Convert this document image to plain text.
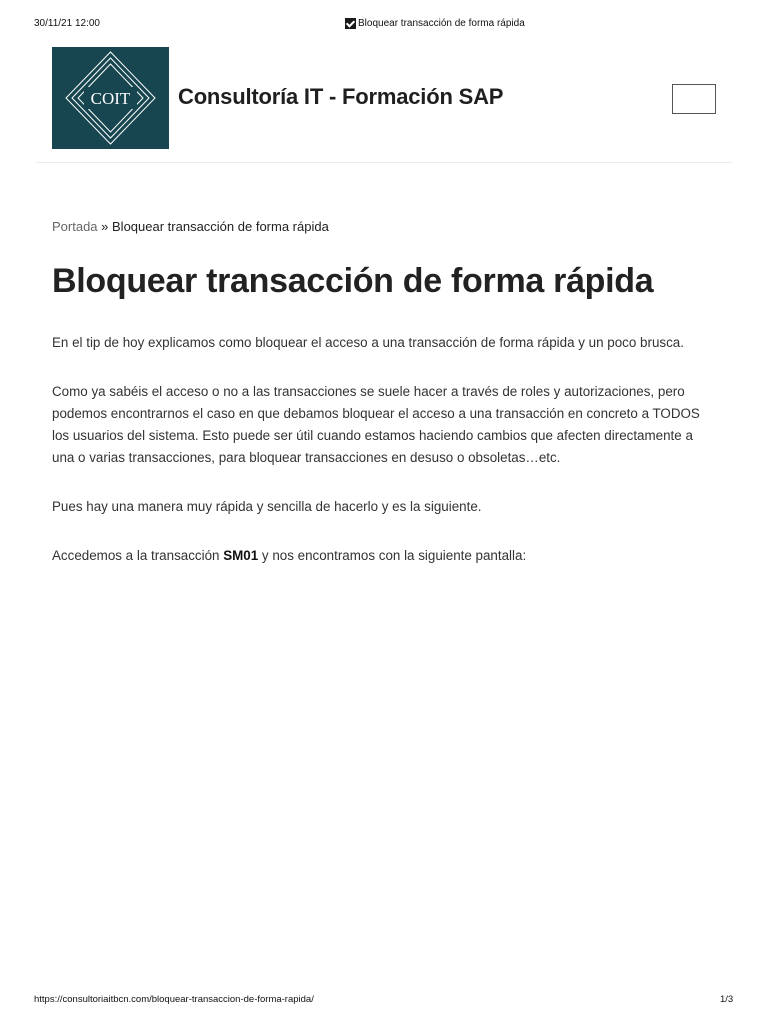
30/11/21 12:00	Bloquear transacción de forma rápida
COIT Consultoría IT - Formación SAP
Portada » Bloquear transacción de forma rápida
Bloquear transacción de forma rápida

En el tip de hoy explicamos como bloquear el acceso a una transacción de forma rápida y un poco brusca.

Como ya sabéis el acceso o no a las transacciones se suele hacer a través de roles y autorizaciones, pero podemos encontrarnos el caso en que debamos bloquear el acceso a una transacción en concreto a TODOS los usuarios del sistema. Esto puede ser útil cuando estamos haciendo cambios que afecten directamente a una o varias transacciones, para bloquear transacciones en desuso o obsoletas…etc.

Pues hay una manera muy rápida y sencilla de hacerlo y es la siguiente.

Accedemos a la transacción SM01 y nos encontramos con la siguiente pantalla:

https://consultoriaitbcn.com/bloquear-transaccion-de-forma-rapida/	1/3
